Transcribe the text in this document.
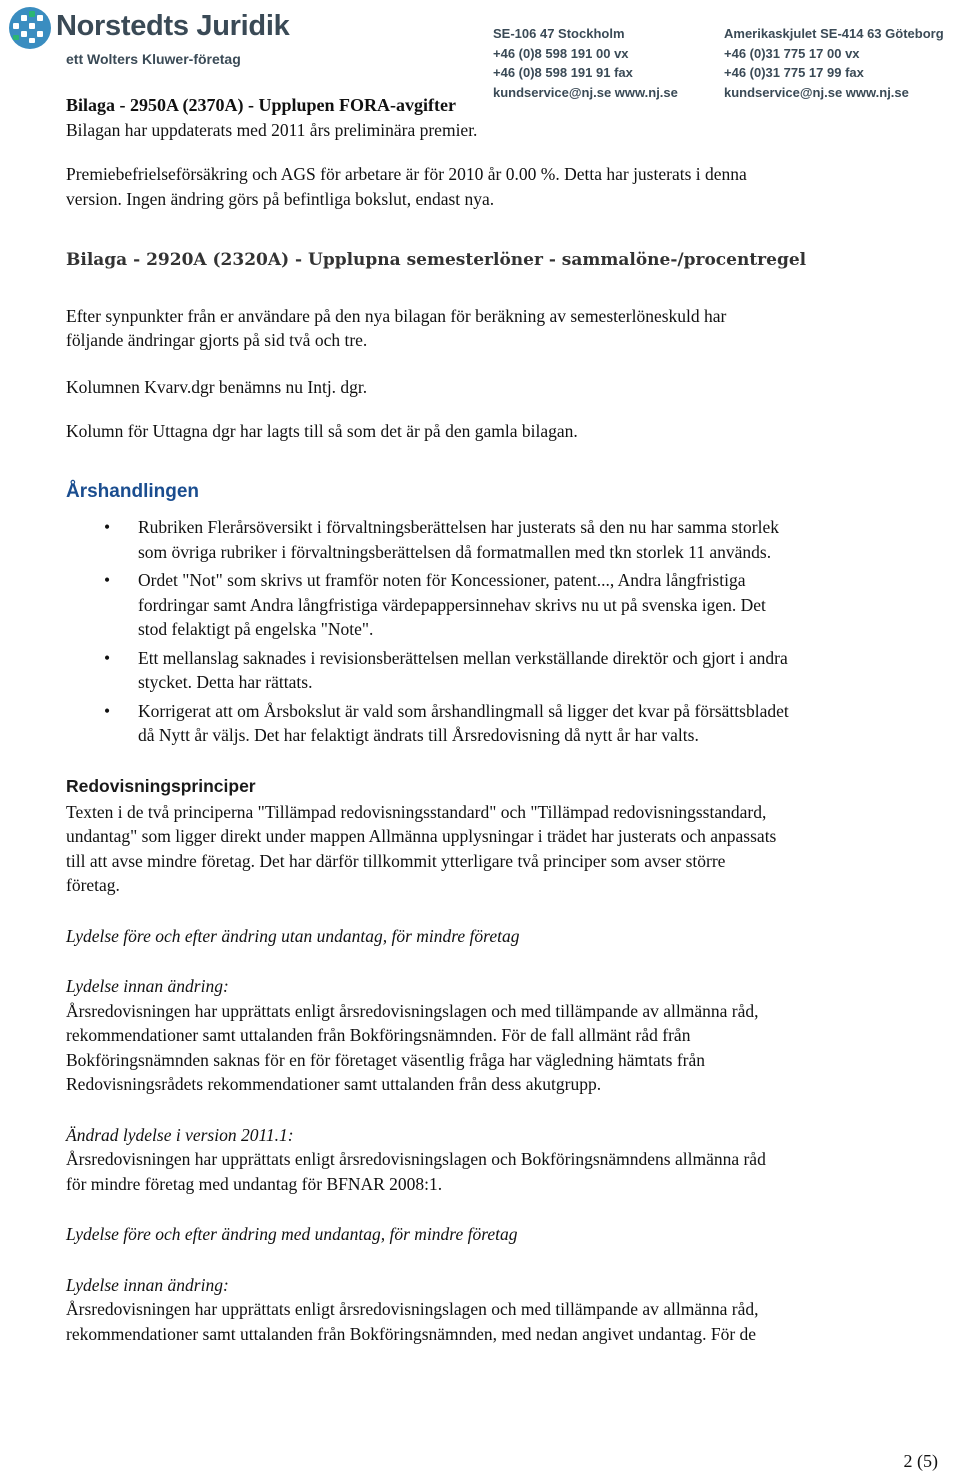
Norstedts Juridik
ett Wolters Kluwer-företag
SE-106 47 Stockholm
+46 (0)8 598 191 00 vx
+46 (0)8 598 191 91 fax
kundservice@nj.se www.nj.se
Amerikaskjulet SE-414 63 Göteborg
+46 (0)31 775 17 00 vx
+46 (0)31 775 17 99 fax
kundservice@nj.se www.nj.se

Bilaga - 2950A (2370A) - Upplupen FORA-avgifter

Bilagan har uppdaterats med 2011 års preliminära premier.

Premiebefrielseförsäkring och AGS för arbetare är för 2010 år 0.00 %. Detta har justerats i denna

version. Ingen ändring görs på befintliga bokslut, endast nya.

Bilaga - 2920A (2320A) - Upplupna semesterlöner - sammalöne-/procentregel

Efter synpunkter från er användare på den nya bilagan för beräkning av semesterlöneskuld har

följande ändringar gjorts på sid två och tre.

Kolumnen Kvarv.dgr benämns nu Intj. dgr.

Kolumn för Uttagna dgr har lagts till så som det är på den gamla bilagan.

Årshandlingen

• Rubriken Flerårsöversikt i förvaltningsberättelsen har justerats så den nu har samma storlek
som övriga rubriker i förvaltningsberättelsen då formatmallen med tkn storlek 11 används.
• Ordet "Not" som skrivs ut framför noten för Koncessioner, patent..., Andra långfristiga
fordringar samt Andra långfristiga värdepappersinnehav skrivs nu ut på svenska igen. Det
stod felaktigt på engelska "Note".
• Ett mellanslag saknades i revisionsberättelsen mellan verkställande direktör och gjort i andra
stycket. Detta har rättats.
• Korrigerat att om Årsbokslut är vald som årshandlingmall så ligger det kvar på försättsbladet
då Nytt år väljs. Det har felaktigt ändrats till Årsredovisning då nytt år har valts.

Redovisningsprinciper

Texten i de två principerna "Tillämpad redovisningsstandard" och "Tillämpad redovisningsstandard,
undantag" som ligger direkt under mappen Allmänna upplysningar i trädet har justerats och anpassats
till att avse mindre företag. Det har därför tillkommit ytterligare två principer som avser större
företag.

Lydelse före och efter ändring utan undantag, för mindre företag

Lydelse innan ändring:

Årsredovisningen har upprättats enligt årsredovisningslagen och med tillämpande av allmänna råd,
rekommendationer samt uttalanden från Bokföringsnämnden. För de fall allmänt råd från
Bokföringsnämnden saknas för en för företaget väsentlig fråga har vägledning hämtats från
Redovisningsrådets rekommendationer samt uttalanden från dess akutgrupp.

Ändrad lydelse i version 2011.1:

Årsredovisningen har upprättats enligt årsredovisningslagen och Bokföringsnämndens allmänna råd
för mindre företag med undantag för BFNAR 2008:1.

Lydelse före och efter ändring med undantag, för mindre företag

Lydelse innan ändring:

Årsredovisningen har upprättats enligt årsredovisningslagen och med tillämpande av allmänna råd,
rekommendationer samt uttalanden från Bokföringsnämnden, med nedan angivet undantag. För de
2 (5)
